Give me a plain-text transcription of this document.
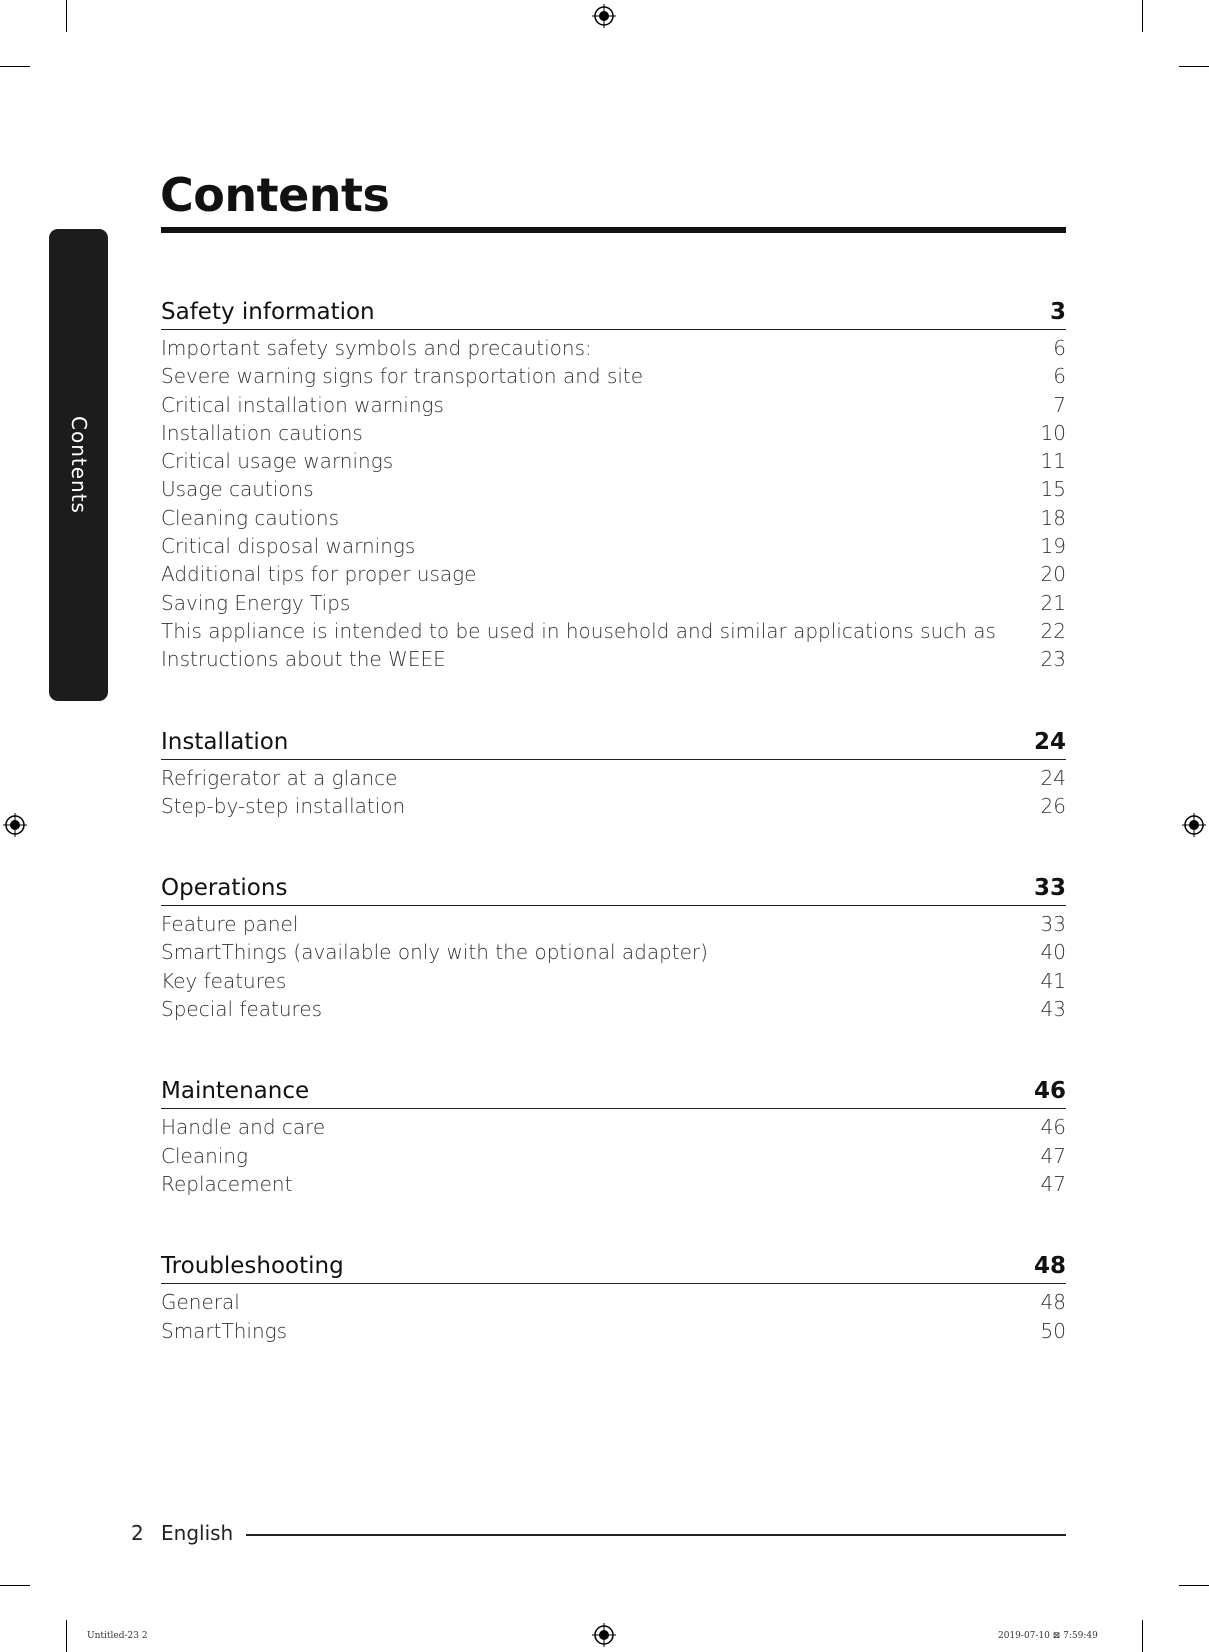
Contents
Contents
Safety information	3
Important safety symbols and precautions:	6
Severe warning signs for transportation and site	6
Critical installation warnings	7
Installation cautions	10
Critical usage warnings	11
Usage cautions	15
Cleaning cautions	18
Critical disposal warnings	19
Additional tips for proper usage	20
Saving Energy Tips	21
This appliance is intended to be used in household and similar applications such as 22
Instructions about the WEEE	23
Installation	24
Refrigerator at a glance	24
Step-by-step installation	26
Operations	33
Feature panel	33
SmartThings (available only with the optional adapter)	40
Key features	41
Special features	43
Maintenance	46
Handle and care	46
Cleaning	47
Replacement	47
Troubleshooting	48
General	48
SmartThings	50
2 English
Untitled-23 2	2019-07-10 ⊠ 7:59:49
